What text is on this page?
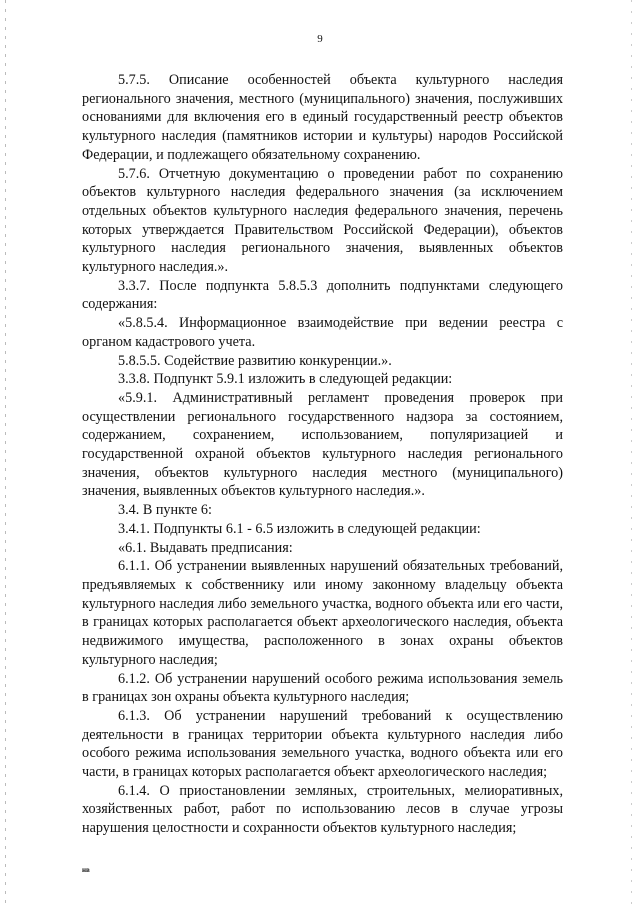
9

5.7.5. Описание особенностей объекта культурного наследия регионального значения, местного (муниципального) значения, послуживших основаниями для включения его в единый государственный реестр объектов культурного наследия (памятников истории и культуры) народов Российской Федерации, и подлежащего обязательному сохранению.

5.7.6. Отчетную документацию о проведении работ по сохранению объектов культурного наследия федерального значения (за исключением отдельных объектов культурного наследия федерального значения, перечень которых утверждается Правительством Российской Федерации), объектов культурного наследия регионального значения, выявленных объектов культурного наследия.».

3.3.7. После подпункта 5.8.5.3 дополнить подпунктами следующего содержания:

«5.8.5.4. Информационное взаимодействие при ведении реестра с органом кадастрового учета.

5.8.5.5. Содействие развитию конкуренции.».

3.3.8. Подпункт 5.9.1 изложить в следующей редакции:

«5.9.1. Административный регламент проведения проверок при осуществлении регионального государственного надзора за состоянием, содержанием, сохранением, использованием, популяризацией и государственной охраной объектов культурного наследия регионального значения, объектов культурного наследия местного (муниципального) значения, выявленных объектов культурного наследия.».

3.4. В пункте 6:

3.4.1. Подпункты 6.1 - 6.5 изложить в следующей редакции:

«6.1. Выдавать предписания:

6.1.1. Об устранении выявленных нарушений обязательных требований, предъявляемых к собственнику или иному законному владельцу объекта культурного наследия либо земельного участка, водного объекта или его части, в границах которых располагается объект археологического наследия, объекта недвижимого имущества, расположенного в зонах охраны объектов культурного наследия;

6.1.2. Об устранении нарушений особого режима использования земель в границах зон охраны объекта культурного наследия;

6.1.3. Об устранении нарушений требований к осуществлению деятельности в границах территории объекта культурного наследия либо особого режима использования земельного участка, водного объекта или его части, в границах которых располагается объект археологического наследия;

6.1.4. О приостановлении земляных, строительных, мелиоративных, хозяйственных работ, работ по использованию лесов в случае угрозы нарушения целостности и сохранности объектов культурного наследия;

нв
